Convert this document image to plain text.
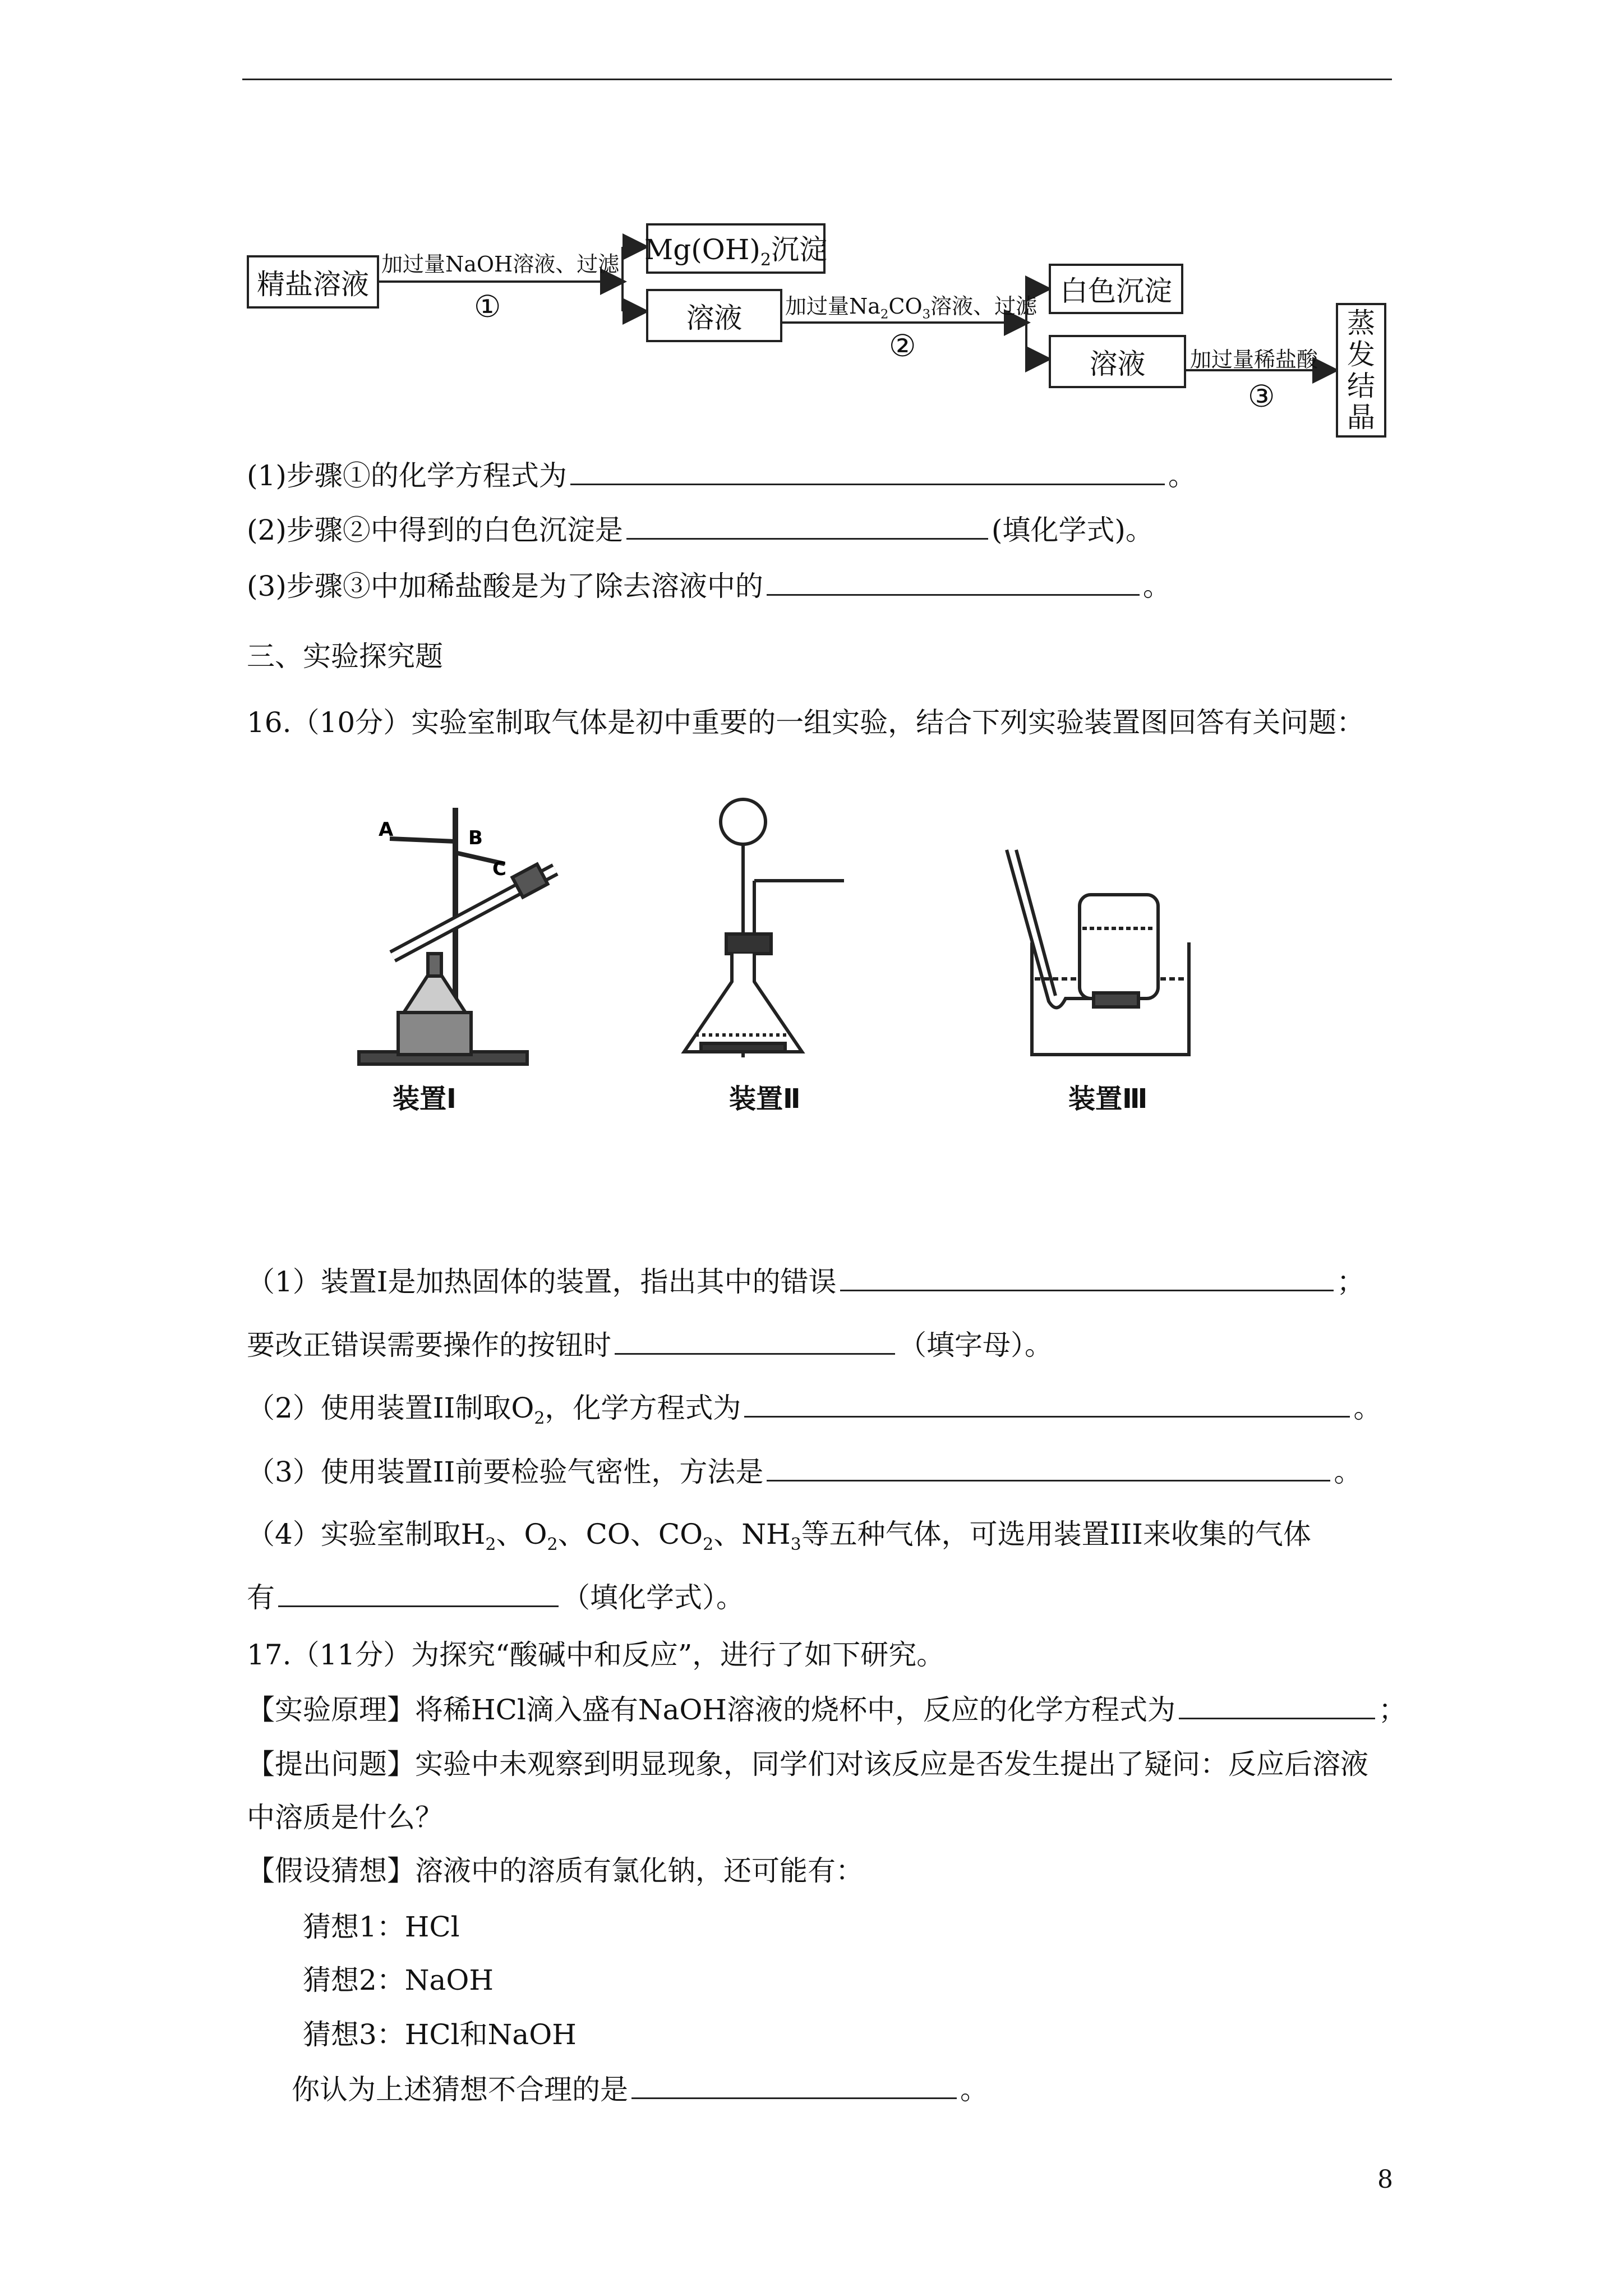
精盐溶液
加过量NaOH溶液、过滤
①
$Mg(OH)_2$沉淀
溶液 加过量$Na_2CO_3$溶液、过滤
②
白色沉淀
溶液 加过量稀盐酸
③
蒸
发
结
晶
(1)步骤①的化学方程式为	。
(2)步骤②中得到的白色沉淀是	(填化学式)。
(3)步骤③中加稀盐酸是为了除去溶液中的	。
三、实验探究题
16.（10分）实验室制取气体是初中重要的一组实验，结合下列实验装置图回答有关问题：
A	B
C
装置Ⅰ	装置Ⅱ	装置Ⅲ
（1）装置Ⅰ是加热固体的装置，指出其中的错误	；
要改正错误需要操作的按钮时	（填字母）。
（2）使用装置II制取$O_2$，化学方程式为	。
（3）使用装置II前要检验气密性，方法是	。
（4）实验室制取$H_2$、$O_2$、CO、$CO_2$、$NH_3$等五种气体，可选用装置III来收集的气体
有	（填化学式）。
17.（11分）为探究“酸碱中和反应”，进行了如下研究。
【实验原理】将稀HCl滴入盛有NaOH溶液的烧杯中，反应的化学方程式为	；
【提出问题】实验中未观察到明显现象，同学们对该反应是否发生提出了疑问：反应后溶液
中溶质是什么？
【假设猜想】溶液中的溶质有氯化钠，还可能有：
猜想1：HCl
猜想2：NaOH
猜想3：HCl和NaOH
你认为上述猜想不合理的是	。
8
